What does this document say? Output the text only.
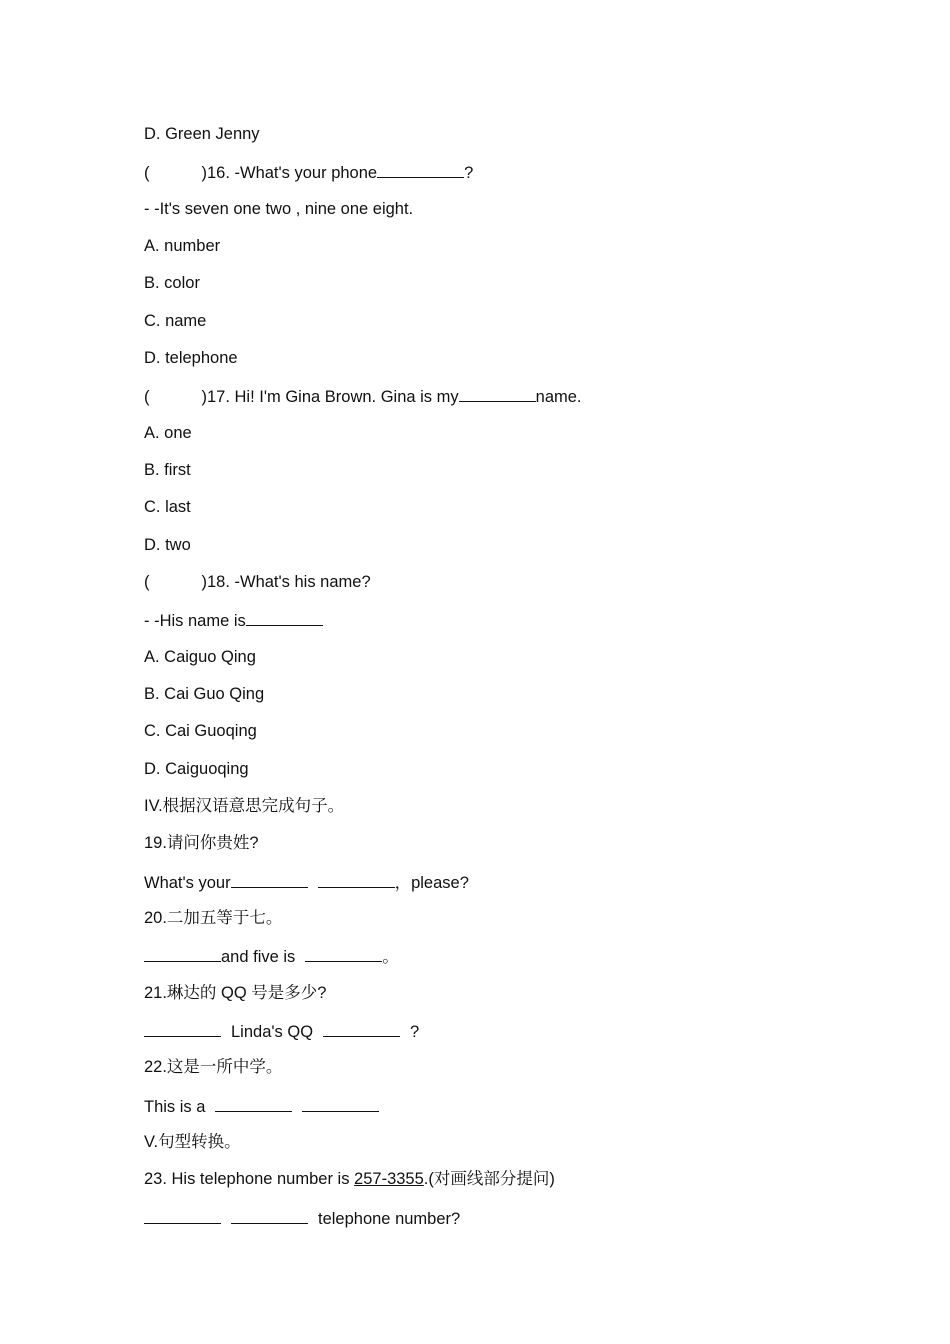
D. Green Jenny
(	)16. -What's your phone	?
- -It's seven one two , nine one eight.
A. number
B. color
C. name
D. telephone
(	)17. Hi! I'm Gina Brown. Gina is my	name.
A. one
B. first
C. last
D. two
(	)18. -What's his name?
- -His name is
A. Caiguo Qing
B. Cai Guo Qing
C. Cai Guoqing
D. Caiguoqing
IV.根据汉语意思完成句子。
19.请问你贵姓?
What's your	，please?
20.二加五等于七。
and five is	。
21.琳达的 QQ 号是多少?
Linda's QQ	?
22.这是一所中学。
This is a
V.句型转换。
23. His telephone number is 257-3355.(对画线部分提问)
telephone number?
